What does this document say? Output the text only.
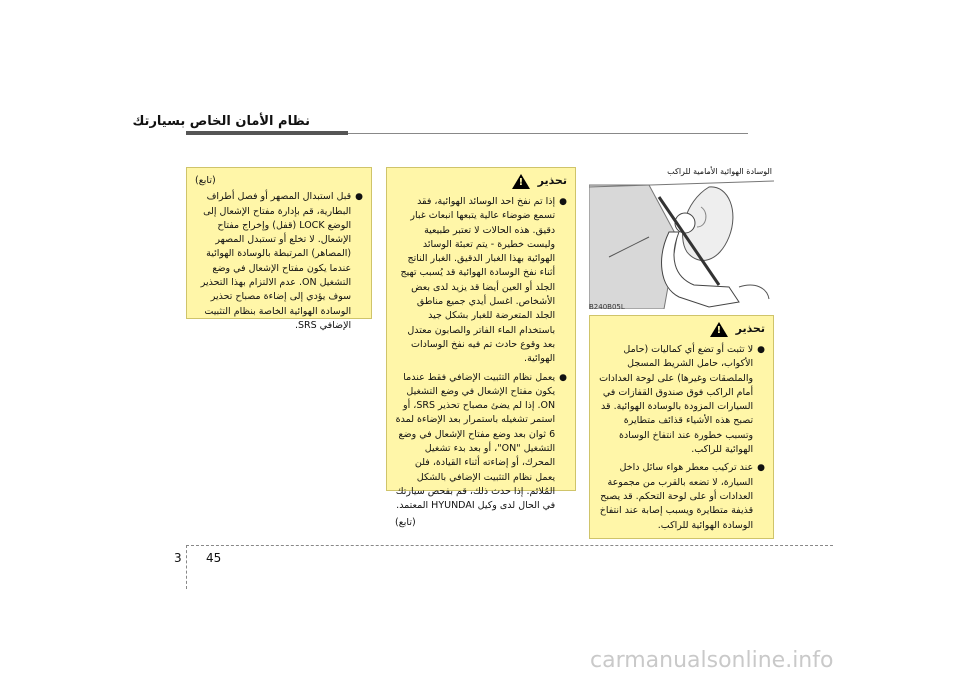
نظام الأمان الخاص بسيارتك

(تابع)

●

قبل استبدال المصهر أو فصل أطراف البطارية، قم بإدارة مفتاح الإشعال إلى الوضع LOCK (قفل) وإخراج مفتاح الإشعال. لا تخلع أو تستبدل المصهر (المصاهر) المرتبطة بالوسادة الهوائية عندما يكون مفتاح الإشعال في وضع التشغيل ON. عدم الالتزام بهذا التحذير سوف يؤدي إلى إضاءة مصباح تحذير الوسادة الهوائية الخاصة بنظام التثبيت الإضافي SRS.

تحذير
!
●

إذا تم نفخ احد الوسائد الهوائية، فقد تسمع ضوضاء عالية يتبعها انبعاث غبار دقيق. هذه الحالات لا تعتبر طبيعية وليست خطيرة - يتم تعبئة الوسائد الهوائية بهذا الغبار الدقيق. الغبار الناتج أثناء نفخ الوسادة الهوائية قد يُسبب تهيج الجلد أو العين أيضا قد يزيد لدى بعض الأشخاص. اغسل أيدي جميع مناطق الجلد المتعرضة للغبار بشكل جيد باستخدام الماء الفاتر والصابون معتدل بعد وقوع حادث تم فيه نفخ الوسادات الهوائية.

●

يعمل نظام التثبيت الإضافي فقط عندما يكون مفتاح الإشعال في وضع التشغيل ON. إذا لم يضئ مصباح تحذير SRS، أو استمر تشغيله باستمرار بعد الإضاءة لمدة 6 ثوان بعد وضع مفتاح الإشعال في وضع التشغيل "ON"، أو بعد بدء تشغيل المحرك، أو إضاءته أثناء القيادة، فلن يعمل نظام التثبيت الإضافي بالشكل المُلائم. إذا حدث ذلك، قم بفحص سيارتك في الحال لدى وكيل HYUNDAI المعتمد.

(تابع)

الوسادة الهوائية الأمامية للراكب
B240B05L
تحذير
!
●

لا تثبت أو تضع أي كماليات (حامل الأكواب، حامل الشريط المسجل والملصقات وغيرها) على لوحة العدادات أمام الراكب فوق صندوق القفازات في السيارات المزودة بالوسادة الهوائية. قد تصبح هذه الأشياء قذائف متطايرة وتسبب خطورة عند انتفاخ الوسادة الهوائية للراكب.

●

عند تركيب معطر هواء سائل داخل السيارة، لا تضعه بالقرب من مجموعة العدادات أو على لوحة التحكم. قد يصبح قذيفة متطايرة ويسبب إصابة عند انتفاخ الوسادة الهوائية للراكب.

3 45
carmanualsonline.info
